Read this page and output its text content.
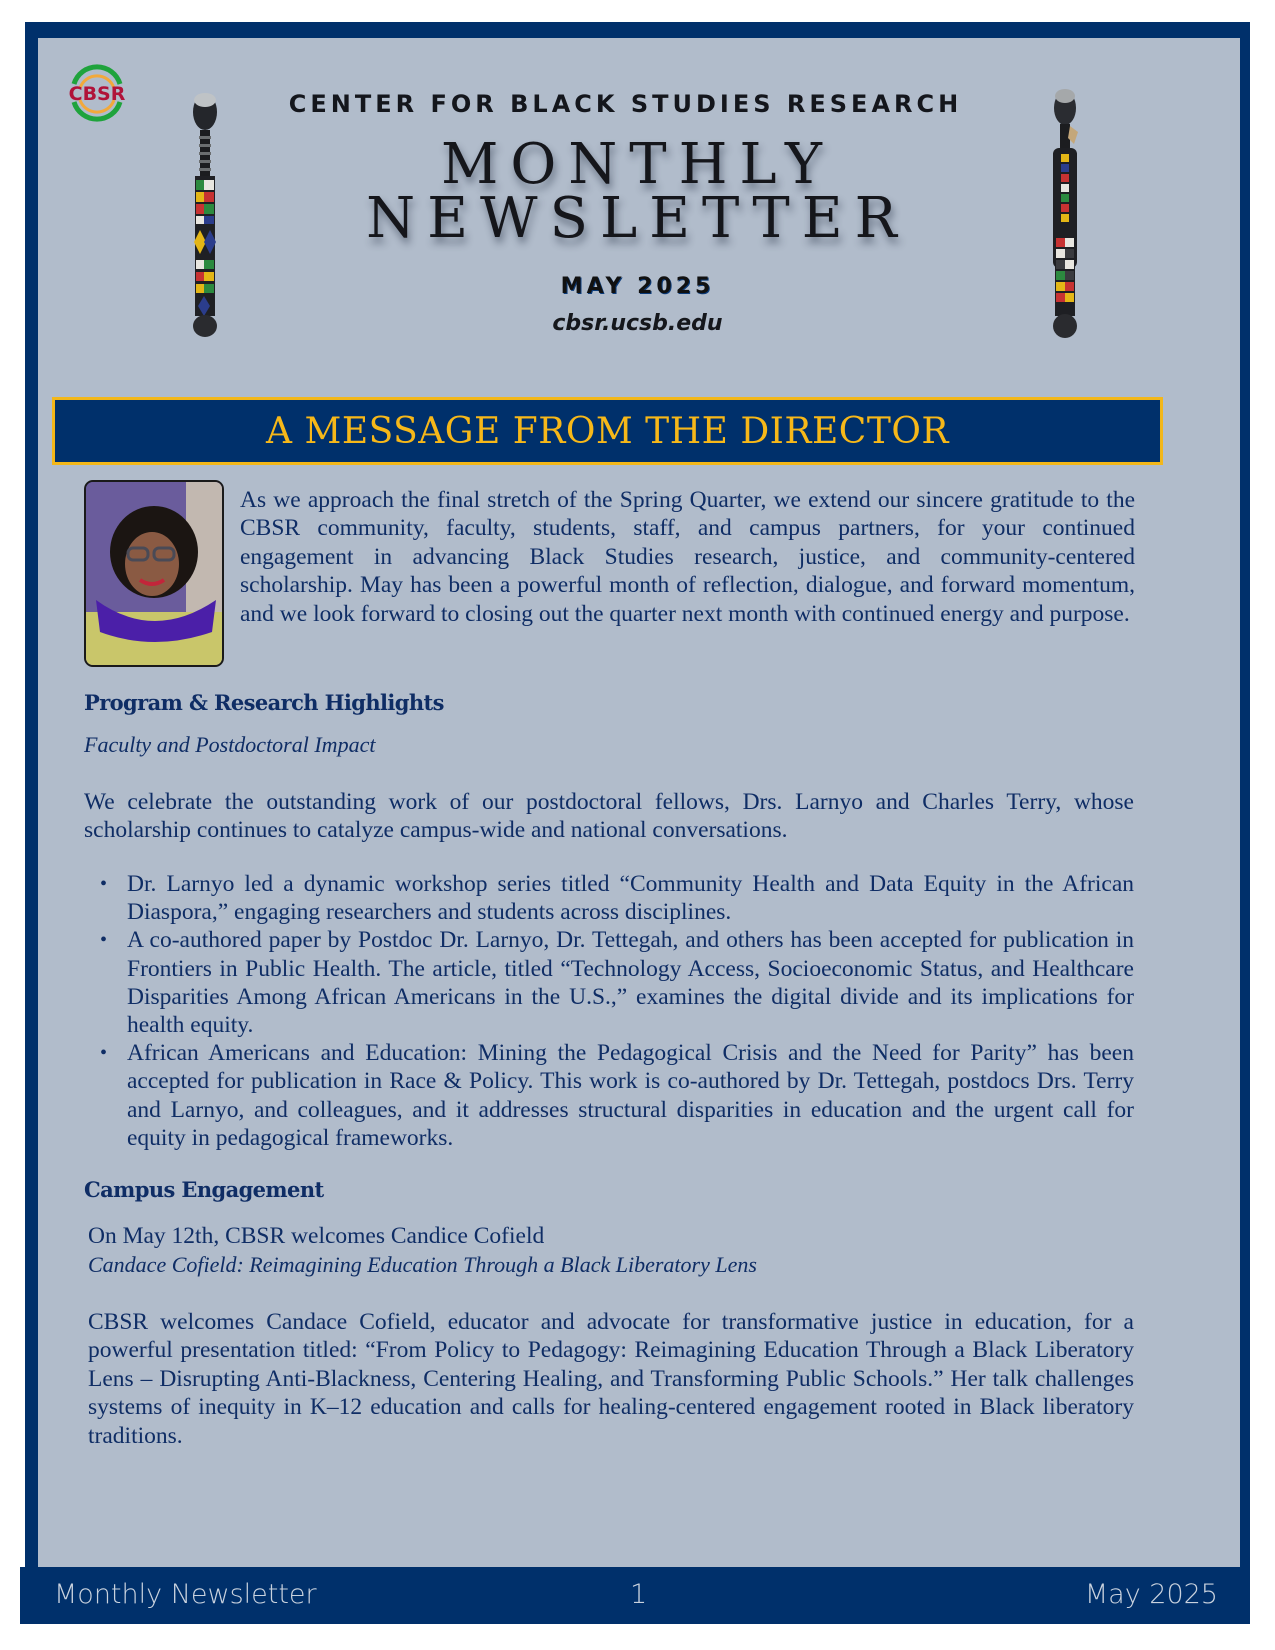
CBSR	CENTER FOR BLACK STUDIES RESEARCH
MONTHLY
NEWSLETTER
MAY 2025
cbsr.ucsb.edu
A MESSAGE FROM THE DIRECTOR
As we approach the final stretch of the Spring Quarter, we extend our sincere gratitude to the CBSR community, faculty, students, staff, and campus partners, for your continued engagement in advancing Black Studies research, justice, and community-centered scholarship. May has been a powerful month of reflection, dialogue, and forward momentum, and we look forward to closing out the quarter next month with continued energy and purpose.
Program & Research Highlights
Faculty and Postdoctoral Impact
We celebrate the outstanding work of our postdoctoral fellows, Drs. Larnyo and Charles Terry, whose scholarship continues to catalyze campus-wide and national conversations.
• Dr. Larnyo led a dynamic workshop series titled “Community Health and Data Equity in the African Diaspora,” engaging researchers and students across disciplines.
• A co-authored paper by Postdoc Dr. Larnyo, Dr. Tettegah, and others has been accepted for publication in Frontiers in Public Health. The article, titled “Technology Access, Socioeconomic Status, and Healthcare Disparities Among African Americans in the U.S.,” examines the digital divide and its implications for health equity.
• African Americans and Education: Mining the Pedagogical Crisis and the Need for Parity” has been accepted for publication in Race & Policy. This work is co-authored by Dr. Tettegah, postdocs Drs. Terry and Larnyo, and colleagues, and it addresses structural disparities in education and the urgent call for equity in pedagogical frameworks.
Campus Engagement
On May 12th, CBSR welcomes Candice Cofield
Candace Cofield: Reimagining Education Through a Black Liberatory Lens
CBSR welcomes Candace Cofield, educator and advocate for transformative justice in education, for a powerful presentation titled: “From Policy to Pedagogy: Reimagining Education Through a Black Liberatory Lens – Disrupting Anti-Blackness, Centering Healing, and Transforming Public Schools.” Her talk challenges systems of inequity in K–12 education and calls for healing-centered engagement rooted in Black liberatory traditions.
Monthly Newsletter	1	May 2025
